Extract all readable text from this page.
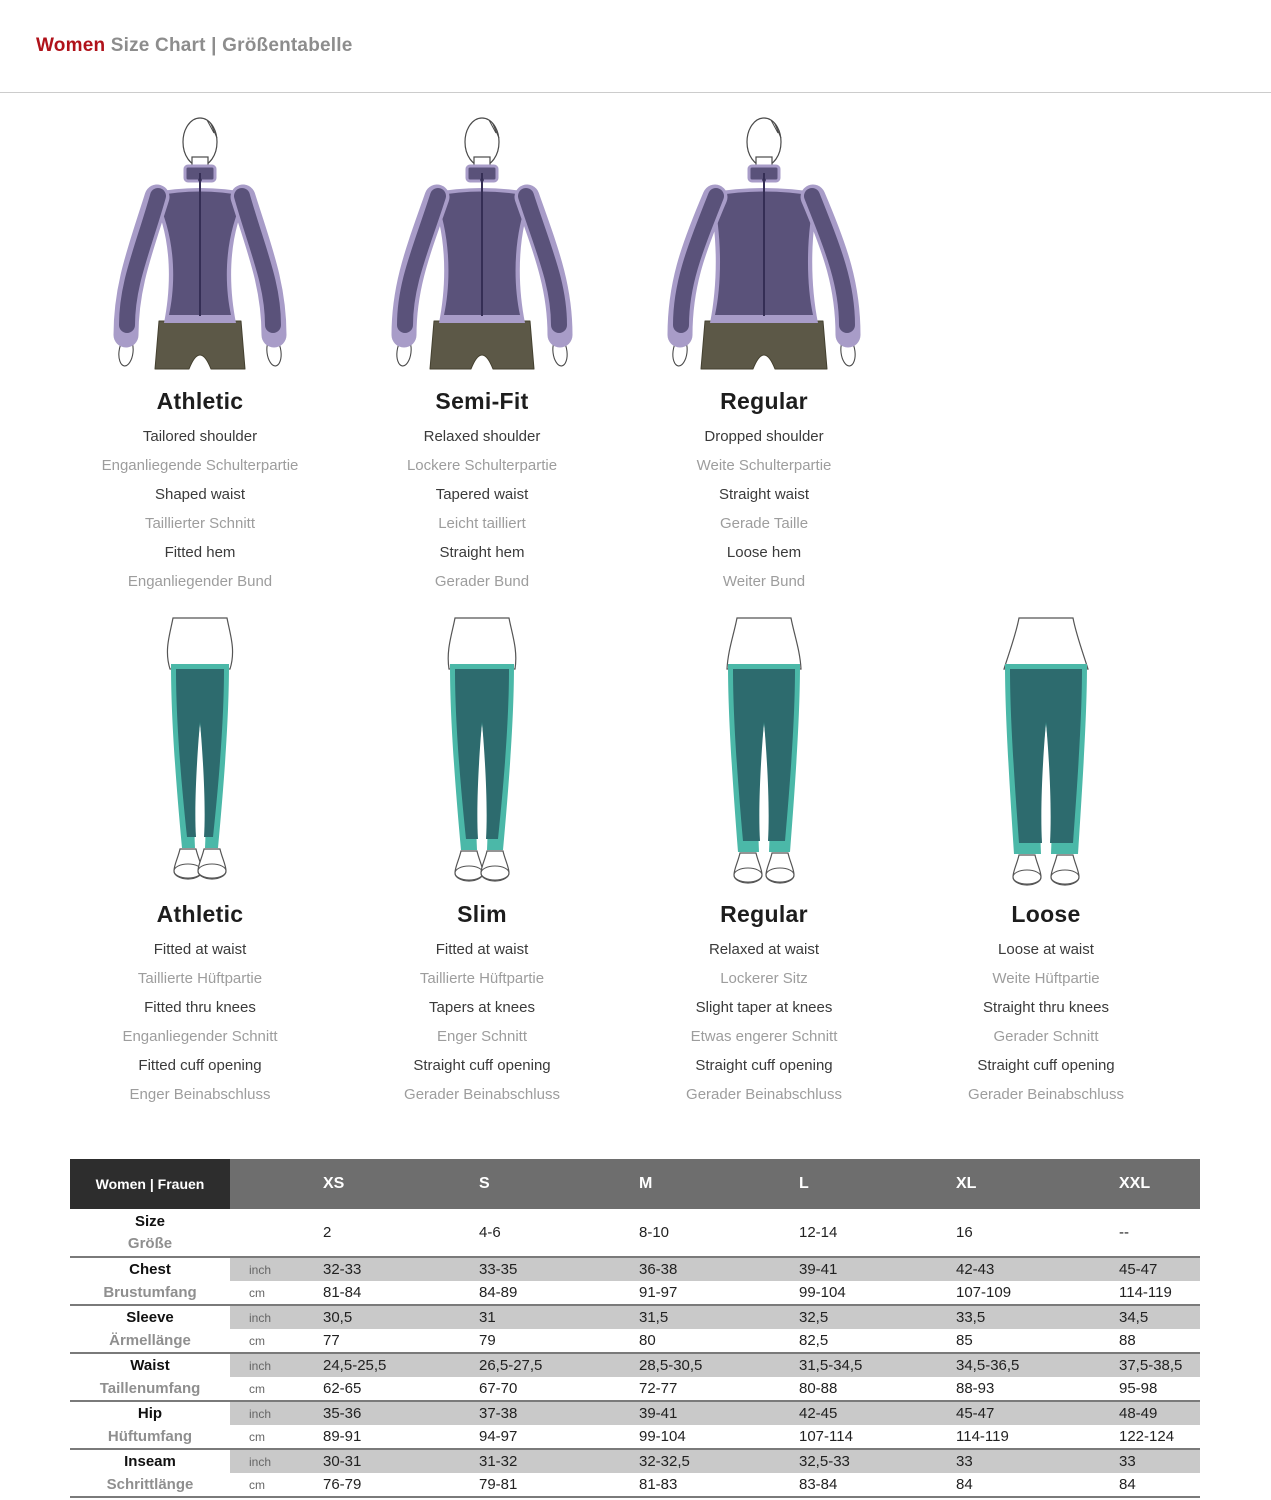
Women Size Chart | Größentabelle
Athletic
Tailored shoulder
Enganliegende Schulterpartie
Shaped waist
Taillierter Schnitt
Fitted hem
Enganliegender Bund
Semi-Fit
Relaxed shoulder
Lockere Schulterpartie
Tapered waist
Leicht tailliert
Straight hem
Gerader Bund
Regular
Dropped shoulder
Weite Schulterpartie
Straight waist
Gerade Taille
Loose hem
Weiter Bund
Athletic
Fitted at waist
Taillierte Hüftpartie
Fitted thru knees
Enganliegender Schnitt
Fitted cuff opening
Enger Beinabschluss
Slim
Fitted at waist
Taillierte Hüftpartie
Tapers at knees
Enger Schnitt
Straight cuff opening
Gerader Beinabschluss
Regular
Relaxed at waist
Lockerer Sitz
Slight taper at knees
Etwas engerer Schnitt
Straight cuff opening
Gerader Beinabschluss
Loose
Loose at waist
Weite Hüftpartie
Straight thru knees
Gerader Schnitt
Straight cuff opening
Gerader Beinabschluss
Women | Frauen		XS	S	M	L	XL	XXL

Size
Größe		2	4-6	8-10	12-14	16	--
Chest	inch	32-33	33-35	36-38	39-41	42-43	45-47
Brustumfang	cm	81-84	84-89	91-97	99-104	107-109	114-119
Sleeve	inch	30,5	31	31,5	32,5	33,5	34,5
Ärmellänge	cm	77	79	80	82,5	85	88
Waist	inch	24,5-25,5	26,5-27,5	28,5-30,5	31,5-34,5	34,5-36,5	37,5-38,5
Taillenumfang	cm	62-65	67-70	72-77	80-88	88-93	95-98
Hip	inch	35-36	37-38	39-41	42-45	45-47	48-49
Hüftumfang	cm	89-91	94-97	99-104	107-114	114-119	122-124
Inseam	inch	30-31	31-32	32-32,5	32,5-33	33	33
Schrittlänge	cm	76-79	79-81	81-83	83-84	84	84
